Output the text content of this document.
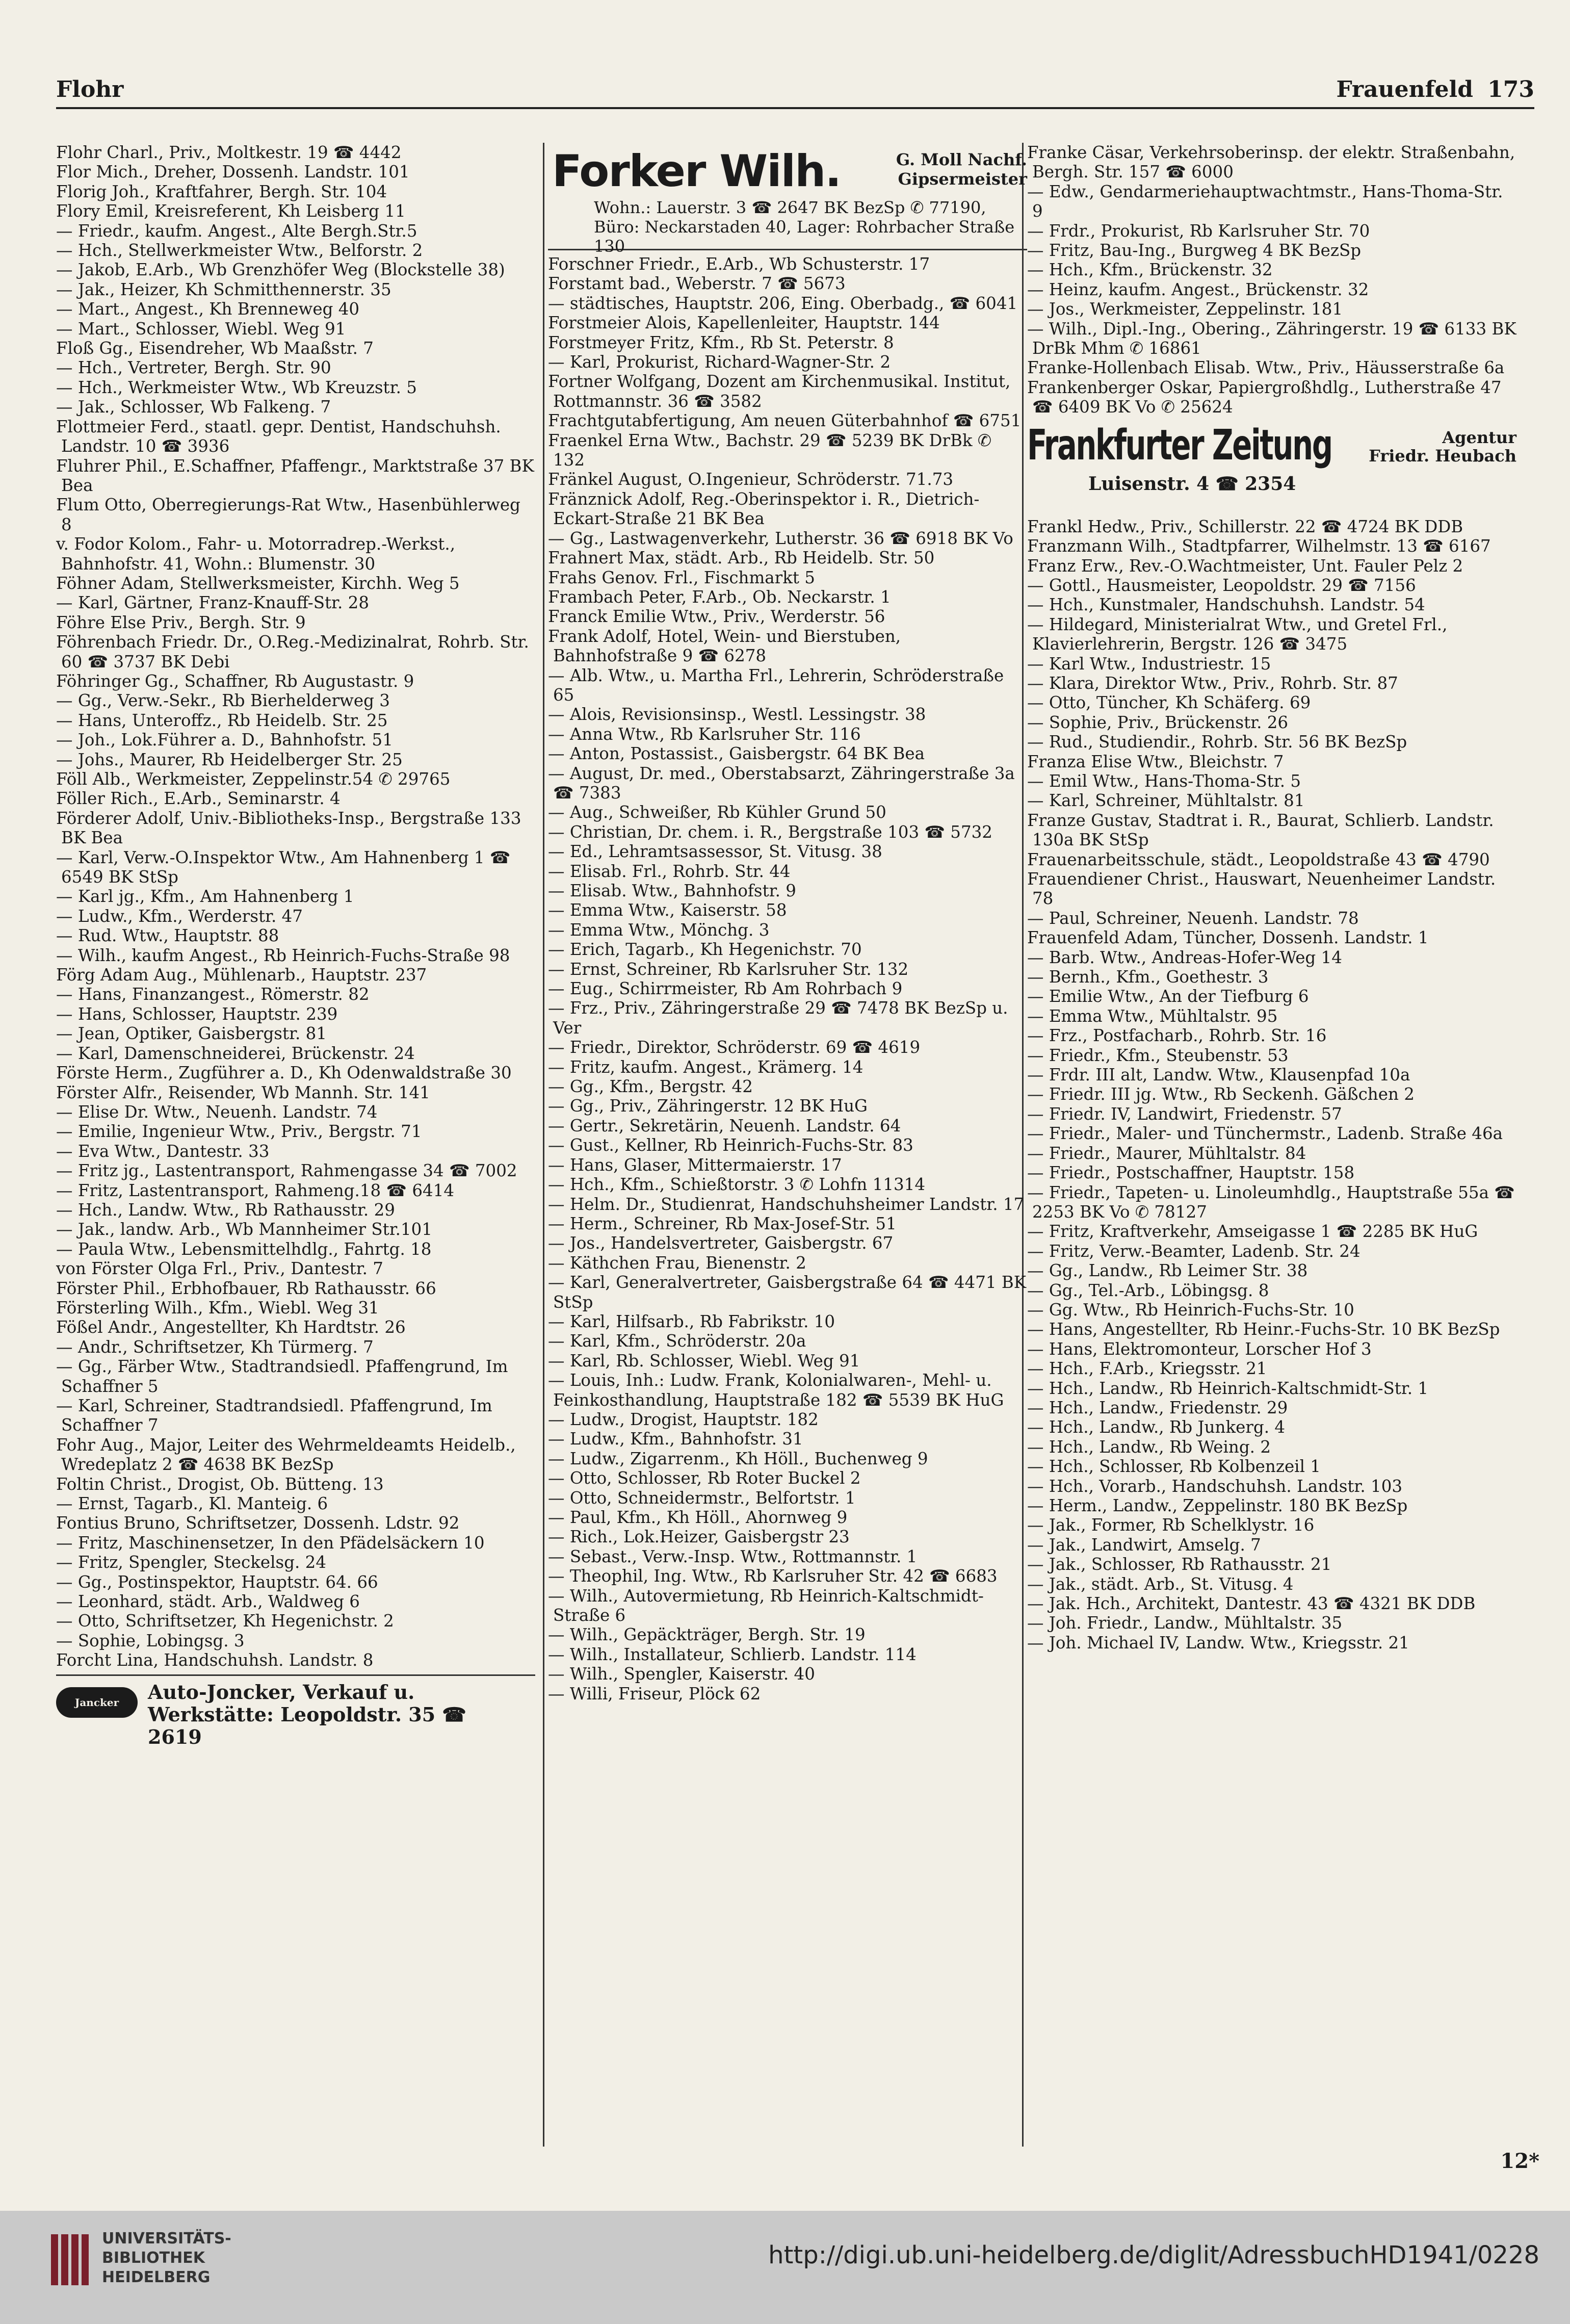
Flohr	Frauenfeld 173

Flohr Charl., Priv., Moltkestr. 19 ☎ 4442

Flor Mich., Dreher, Dossenh. Landstr. 101

Florig Joh., Kraftfahrer, Bergh. Str. 104

Flory Emil, Kreisreferent, Kh Leisberg 11

— Friedr., kaufm. Angest., Alte Bergh.Str.5

— Hch., Stellwerkmeister Wtw., Belforstr. 2

— Jakob, E.Arb., Wb Grenzhöfer Weg (Blockstelle 38)

— Jak., Heizer, Kh Schmitthennerstr. 35

— Mart., Angest., Kh Brenneweg 40

— Mart., Schlosser, Wiebl. Weg 91

Floß Gg., Eisendreher, Wb Maaßstr. 7

— Hch., Vertreter, Bergh. Str. 90

— Hch., Werkmeister Wtw., Wb Kreuzstr. 5

— Jak., Schlosser, Wb Falkeng. 7

Flottmeier Ferd., staatl. gepr. Dentist, Handschuhsh. Landstr. 10 ☎ 3936

Fluhrer Phil., E.Schaffner, Pfaffengr., Marktstraße 37 BK Bea

Flum Otto, Oberregierungs-Rat Wtw., Hasenbühlerweg 8

v. Fodor Kolom., Fahr- u. Motorradrep.-Werkst., Bahnhofstr. 41, Wohn.: Blumenstr. 30

Föhner Adam, Stellwerksmeister, Kirchh. Weg 5

— Karl, Gärtner, Franz-Knauff-Str. 28

Föhre Else Priv., Bergh. Str. 9

Föhrenbach Friedr. Dr., O.Reg.-Medizinalrat, Rohrb. Str. 60 ☎ 3737 BK Debi

Föhringer Gg., Schaffner, Rb Augustastr. 9

— Gg., Verw.-Sekr., Rb Bierhelderweg 3

— Hans, Unteroffz., Rb Heidelb. Str. 25

— Joh., Lok.Führer a. D., Bahnhofstr. 51

— Johs., Maurer, Rb Heidelberger Str. 25

Föll Alb., Werkmeister, Zeppelinstr.54 ✆ 29765

Föller Rich., E.Arb., Seminarstr. 4

Förderer Adolf, Univ.-Bibliotheks-Insp., Bergstraße 133 BK Bea

— Karl, Verw.-O.Inspektor Wtw., Am Hahnenberg 1 ☎ 6549 BK StSp

— Karl jg., Kfm., Am Hahnenberg 1

— Ludw., Kfm., Werderstr. 47

— Rud. Wtw., Hauptstr. 88

— Wilh., kaufm Angest., Rb Heinrich-Fuchs-Straße 98

Förg Adam Aug., Mühlenarb., Hauptstr. 237

— Hans, Finanzangest., Römerstr. 82

— Hans, Schlosser, Hauptstr. 239

— Jean, Optiker, Gaisbergstr. 81

— Karl, Damenschneiderei, Brückenstr. 24

Förste Herm., Zugführer a. D., Kh Odenwaldstraße 30

Förster Alfr., Reisender, Wb Mannh. Str. 141

— Elise Dr. Wtw., Neuenh. Landstr. 74

— Emilie, Ingenieur Wtw., Priv., Bergstr. 71

— Eva Wtw., Dantestr. 33

— Fritz jg., Lastentransport, Rahmengasse 34 ☎ 7002

— Fritz, Lastentransport, Rahmeng.18 ☎ 6414

— Hch., Landw. Wtw., Rb Rathausstr. 29

— Jak., landw. Arb., Wb Mannheimer Str.101

— Paula Wtw., Lebensmittelhdlg., Fahrtg. 18

von Förster Olga Frl., Priv., Dantestr. 7

Förster Phil., Erbhofbauer, Rb Rathausstr. 66

Försterling Wilh., Kfm., Wiebl. Weg 31

Fößel Andr., Angestellter, Kh Hardtstr. 26

— Andr., Schriftsetzer, Kh Türmerg. 7

— Gg., Färber Wtw., Stadtrandsiedl. Pfaffengrund, Im Schaffner 5

— Karl, Schreiner, Stadtrandsiedl. Pfaffengrund, Im Schaffner 7

Fohr Aug., Major, Leiter des Wehrmeldeamts Heidelb., Wredeplatz 2 ☎ 4638 BK BezSp

Foltin Christ., Drogist, Ob. Bütteng. 13

— Ernst, Tagarb., Kl. Manteig. 6

Fontius Bruno, Schriftsetzer, Dossenh. Ldstr. 92

— Fritz, Maschinensetzer, In den Pfädelsäckern 10

— Fritz, Spengler, Steckelsg. 24

— Gg., Postinspektor, Hauptstr. 64. 66

— Leonhard, städt. Arb., Waldweg 6

— Otto, Schriftsetzer, Kh Hegenichstr. 2

— Sophie, Lobingsg. 3

Forcht Lina, Handschuhsh. Landstr. 8

Jancker	Auto-Joncker, Verkauf u. Werkstätte: Leopoldstr. 35 ☎ 2619
Forker Wilh.	G. Moll Nachf.
Gipsermeister
Wohn.: Lauerstr. 3 ☎ 2647 BK BezSp ✆ 77190, Büro: Neckarstaden 40, Lager: Rohrbacher Straße 130

Forschner Friedr., E.Arb., Wb Schusterstr. 17

Forstamt bad., Weberstr. 7 ☎ 5673

— städtisches, Hauptstr. 206, Eing. Oberbadg., ☎ 6041

Forstmeier Alois, Kapellenleiter, Hauptstr. 144

Forstmeyer Fritz, Kfm., Rb St. Peterstr. 8

— Karl, Prokurist, Richard-Wagner-Str. 2

Fortner Wolfgang, Dozent am Kirchenmusikal. Institut, Rottmannstr. 36 ☎ 3582

Frachtgutabfertigung, Am neuen Güterbahnhof ☎ 6751

Fraenkel Erna Wtw., Bachstr. 29 ☎ 5239 BK DrBk ✆ 132

Fränkel August, O.Ingenieur, Schröderstr. 71.73

Fränznick Adolf, Reg.-Oberinspektor i. R., Dietrich-Eckart-Straße 21 BK Bea

— Gg., Lastwagenverkehr, Lutherstr. 36 ☎ 6918 BK Vo

Frahnert Max, städt. Arb., Rb Heidelb. Str. 50

Frahs Genov. Frl., Fischmarkt 5

Frambach Peter, F.Arb., Ob. Neckarstr. 1

Franck Emilie Wtw., Priv., Werderstr. 56

Frank Adolf, Hotel, Wein- und Bierstuben, Bahnhofstraße 9 ☎ 6278

— Alb. Wtw., u. Martha Frl., Lehrerin, Schröderstraße 65

— Alois, Revisionsinsp., Westl. Lessingstr. 38

— Anna Wtw., Rb Karlsruher Str. 116

— Anton, Postassist., Gaisbergstr. 64 BK Bea

— August, Dr. med., Oberstabsarzt, Zähringerstraße 3a ☎ 7383

— Aug., Schweißer, Rb Kühler Grund 50

— Christian, Dr. chem. i. R., Bergstraße 103 ☎ 5732

— Ed., Lehramtsassessor, St. Vitusg. 38

— Elisab. Frl., Rohrb. Str. 44

— Elisab. Wtw., Bahnhofstr. 9

— Emma Wtw., Kaiserstr. 58

— Emma Wtw., Mönchg. 3

— Erich, Tagarb., Kh Hegenichstr. 70

— Ernst, Schreiner, Rb Karlsruher Str. 132

— Eug., Schirrmeister, Rb Am Rohrbach 9

— Frz., Priv., Zähringerstraße 29 ☎ 7478 BK BezSp u. Ver

— Friedr., Direktor, Schröderstr. 69 ☎ 4619

— Fritz, kaufm. Angest., Krämerg. 14

— Gg., Kfm., Bergstr. 42

— Gg., Priv., Zähringerstr. 12 BK HuG

— Gertr., Sekretärin, Neuenh. Landstr. 64

— Gust., Kellner, Rb Heinrich-Fuchs-Str. 83

— Hans, Glaser, Mittermaierstr. 17

— Hch., Kfm., Schießtorstr. 3 ✆ Lohfn 11314

— Helm. Dr., Studienrat, Handschuhsheimer Landstr. 17

— Herm., Schreiner, Rb Max-Josef-Str. 51

— Jos., Handelsvertreter, Gaisbergstr. 67

— Käthchen Frau, Bienenstr. 2

— Karl, Generalvertreter, Gaisbergstraße 64 ☎ 4471 BK StSp

— Karl, Hilfsarb., Rb Fabrikstr. 10

— Karl, Kfm., Schröderstr. 20a

— Karl, Rb. Schlosser, Wiebl. Weg 91

— Louis, Inh.: Ludw. Frank, Kolonialwaren-, Mehl- u. Feinkosthandlung, Hauptstraße 182 ☎ 5539 BK HuG

— Ludw., Drogist, Hauptstr. 182

— Ludw., Kfm., Bahnhofstr. 31

— Ludw., Zigarrenm., Kh Höll., Buchenweg 9

— Otto, Schlosser, Rb Roter Buckel 2

— Otto, Schneidermstr., Belfortstr. 1

— Paul, Kfm., Kh Höll., Ahornweg 9

— Rich., Lok.Heizer, Gaisbergstr 23

— Sebast., Verw.-Insp. Wtw., Rottmannstr. 1

— Theophil, Ing. Wtw., Rb Karlsruher Str. 42 ☎ 6683

— Wilh., Autovermietung, Rb Heinrich-Kaltschmidt-Straße 6

— Wilh., Gepäckträger, Bergh. Str. 19

— Wilh., Installateur, Schlierb. Landstr. 114

— Wilh., Spengler, Kaiserstr. 40

— Willi, Friseur, Plöck 62

Franke Cäsar, Verkehrsoberinsp. der elektr. Straßenbahn, Bergh. Str. 157 ☎ 6000

— Edw., Gendarmeriehauptwachtmstr., Hans-Thoma-Str. 9

— Frdr., Prokurist, Rb Karlsruher Str. 70

— Fritz, Bau-Ing., Burgweg 4 BK BezSp

— Hch., Kfm., Brückenstr. 32

— Heinz, kaufm. Angest., Brückenstr. 32

— Jos., Werkmeister, Zeppelinstr. 181

— Wilh., Dipl.-Ing., Obering., Zähringerstr. 19 ☎ 6133 BK DrBk Mhm ✆ 16861

Franke-Hollenbach Elisab. Wtw., Priv., Häusserstraße 6a

Frankenberger Oskar, Papiergroßhdlg., Lutherstraße 47 ☎ 6409 BK Vo ✆ 25624

Frankfurter Zeitung	Agentur
Friedr. Heubach
Luisenstr. 4 ☎ 2354

Frankl Hedw., Priv., Schillerstr. 22 ☎ 4724 BK DDB

Franzmann Wilh., Stadtpfarrer, Wilhelmstr. 13 ☎ 6167

Franz Erw., Rev.-O.Wachtmeister, Unt. Fauler Pelz 2

— Gottl., Hausmeister, Leopoldstr. 29 ☎ 7156

— Hch., Kunstmaler, Handschuhsh. Landstr. 54

— Hildegard, Ministerialrat Wtw., und Gretel Frl., Klavierlehrerin, Bergstr. 126 ☎ 3475

— Karl Wtw., Industriestr. 15

— Klara, Direktor Wtw., Priv., Rohrb. Str. 87

— Otto, Tüncher, Kh Schäferg. 69

— Sophie, Priv., Brückenstr. 26

— Rud., Studiendir., Rohrb. Str. 56 BK BezSp

Franza Elise Wtw., Bleichstr. 7

— Emil Wtw., Hans-Thoma-Str. 5

— Karl, Schreiner, Mühltalstr. 81

Franze Gustav, Stadtrat i. R., Baurat, Schlierb. Landstr. 130a BK StSp

Frauenarbeitsschule, städt., Leopoldstraße 43 ☎ 4790

Frauendiener Christ., Hauswart, Neuenheimer Landstr. 78

— Paul, Schreiner, Neuenh. Landstr. 78

Frauenfeld Adam, Tüncher, Dossenh. Landstr. 1

— Barb. Wtw., Andreas-Hofer-Weg 14

— Bernh., Kfm., Goethestr. 3

— Emilie Wtw., An der Tiefburg 6

— Emma Wtw., Mühltalstr. 95

— Frz., Postfacharb., Rohrb. Str. 16

— Friedr., Kfm., Steubenstr. 53

— Frdr. III alt, Landw. Wtw., Klausenpfad 10a

— Friedr. III jg. Wtw., Rb Seckenh. Gäßchen 2

— Friedr. IV, Landwirt, Friedenstr. 57

— Friedr., Maler- und Tünchermstr., Ladenb. Straße 46a

— Friedr., Maurer, Mühltalstr. 84

— Friedr., Postschaffner, Hauptstr. 158

— Friedr., Tapeten- u. Linoleumhdlg., Hauptstraße 55a ☎ 2253 BK Vo ✆ 78127

— Fritz, Kraftverkehr, Amseigasse 1 ☎ 2285 BK HuG

— Fritz, Verw.-Beamter, Ladenb. Str. 24

— Gg., Landw., Rb Leimer Str. 38

— Gg., Tel.-Arb., Löbingsg. 8

— Gg. Wtw., Rb Heinrich-Fuchs-Str. 10

— Hans, Angestellter, Rb Heinr.-Fuchs-Str. 10 BK BezSp

— Hans, Elektromonteur, Lorscher Hof 3

— Hch., F.Arb., Kriegsstr. 21

— Hch., Landw., Rb Heinrich-Kaltschmidt-Str. 1

— Hch., Landw., Friedenstr. 29

— Hch., Landw., Rb Junkerg. 4

— Hch., Landw., Rb Weing. 2

— Hch., Schlosser, Rb Kolbenzeil 1

— Hch., Vorarb., Handschuhsh. Landstr. 103

— Herm., Landw., Zeppelinstr. 180 BK BezSp

— Jak., Former, Rb Schelklystr. 16

— Jak., Landwirt, Amselg. 7

— Jak., Schlosser, Rb Rathausstr. 21

— Jak., städt. Arb., St. Vitusg. 4

— Jak. Hch., Architekt, Dantestr. 43 ☎ 4321 BK DDB

— Joh. Friedr., Landw., Mühltalstr. 35

— Joh. Michael IV, Landw. Wtw., Kriegsstr. 21

12*
UNIVERSITÄTS-
BIBLIOTHEK
HEIDELBERG
http://digi.ub.uni-heidelberg.de/diglit/AdressbuchHD1941/0228
